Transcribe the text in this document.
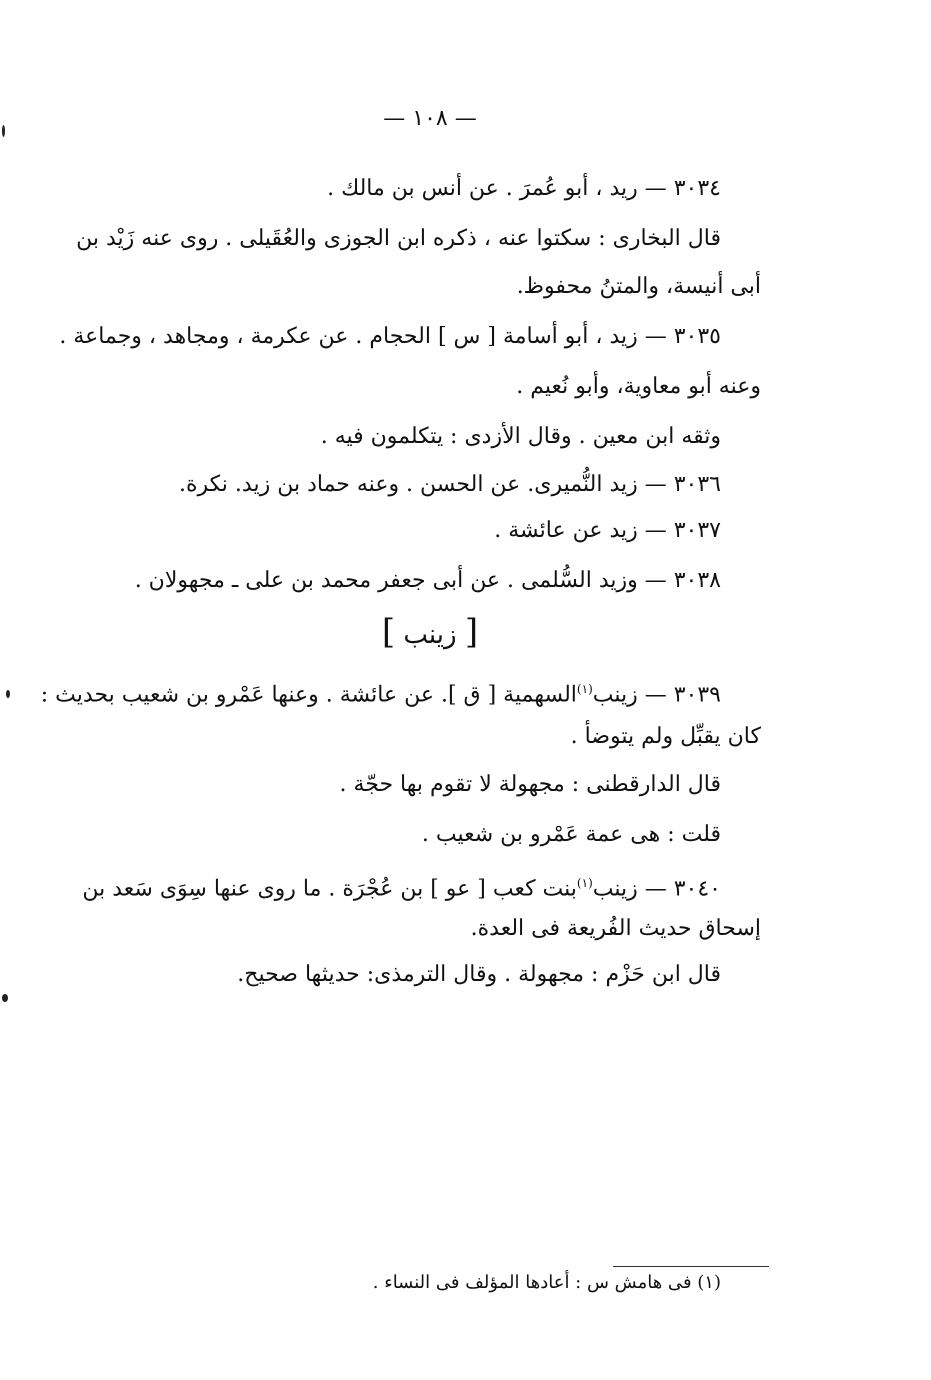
— ١٠٨ —
٣٠٣٤ — ريد ، أبو عُمرَ . عن أنس بن مالك .
قال البخارى : سكتوا عنه ، ذكره ابن الجوزى والعُقَيلى . روى عنه زَيْد بن
أبى أنيسة، والمتنُ محفوظ.
٣٠٣٥ — زيد ، أبو أسامة [ س ] الحجام . عن عكرمة ، ومجاهد ، وجماعة .
وعنه أبو معاوية، وأبو نُعيم .
وثقه ابن معين . وقال الأزدى : يتكلمون فيه .
٣٠٣٦ — زيد النُّميرى. عن الحسن . وعنه حماد بن زيد. نكرة.
٣٠٣٧ — زيد عن عائشة .
٣٠٣٨ — وزيد السُّلمى . عن أبى جعفر محمد بن على ـ مجهولان .
[ زينب ]
٣٠٣٩ — زينب$^{(١)}$السهمية [ ق ]. عن عائشة . وعنها عَمْرو بن شعيب بحديث :
كان يقبِّل ولم يتوضأ .
قال الدارقطنى : مجهولة لا تقوم بها حجّة .
قلت : هى عمة عَمْرو بن شعيب .
٣٠٤٠ — زينب$^{(١)}$بنت كعب [ عو ] بن عُجْرَة . ما روى عنها سِوَى سَعد بن
إسحاق حديث الفُريعة فى العدة.
قال ابن حَزْم : مجهولة . وقال الترمذى: حديثها صحيح.
(١) فى هامش س : أعادها المؤلف فى النساء .
